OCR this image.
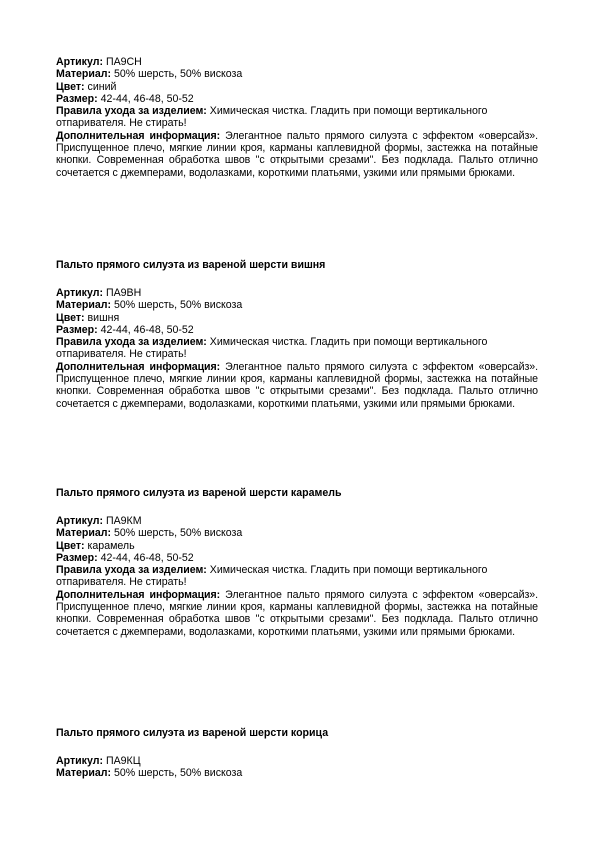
Артикул: ПА9СН

Материал: 50% шерсть, 50% вискоза

Цвет: синий

Размер: 42-44, 46-48, 50-52

Правила ухода за изделием: Химическая чистка. Гладить при помощи вертикального

отпаривателя. Не стирать!

Дополнительная информация: Элегантное пальто прямого силуэта с эффектом «оверсайз». Приспущенное плечо, мягкие линии кроя, карманы каплевидной формы, застежка на потайные кнопки. Современная обработка швов "с открытыми срезами". Без подклада. Пальто отлично сочетается с джемперами, водолазками, короткими платьями, узкими или прямыми брюками.

Пальто прямого силуэта из вареной шерсти вишня

Артикул: ПА9ВН

Материал: 50% шерсть, 50% вискоза

Цвет: вишня

Размер: 42-44, 46-48, 50-52

Правила ухода за изделием: Химическая чистка. Гладить при помощи вертикального

отпаривателя. Не стирать!

Дополнительная информация: Элегантное пальто прямого силуэта с эффектом «оверсайз». Приспущенное плечо, мягкие линии кроя, карманы каплевидной формы, застежка на потайные кнопки. Современная обработка швов "с открытыми срезами". Без подклада. Пальто отлично сочетается с джемперами, водолазками, короткими платьями, узкими или прямыми брюками.

Пальто прямого силуэта из вареной шерсти карамель

Артикул: ПА9КМ

Материал: 50% шерсть, 50% вискоза

Цвет: карамель

Размер: 42-44, 46-48, 50-52

Правила ухода за изделием: Химическая чистка. Гладить при помощи вертикального

отпаривателя. Не стирать!

Дополнительная информация: Элегантное пальто прямого силуэта с эффектом «оверсайз». Приспущенное плечо, мягкие линии кроя, карманы каплевидной формы, застежка на потайные кнопки. Современная обработка швов "с открытыми срезами". Без подклада. Пальто отлично сочетается с джемперами, водолазками, короткими платьями, узкими или прямыми брюками.

Пальто прямого силуэта из вареной шерсти корица

Артикул: ПА9КЦ

Материал: 50% шерсть, 50% вискоза
